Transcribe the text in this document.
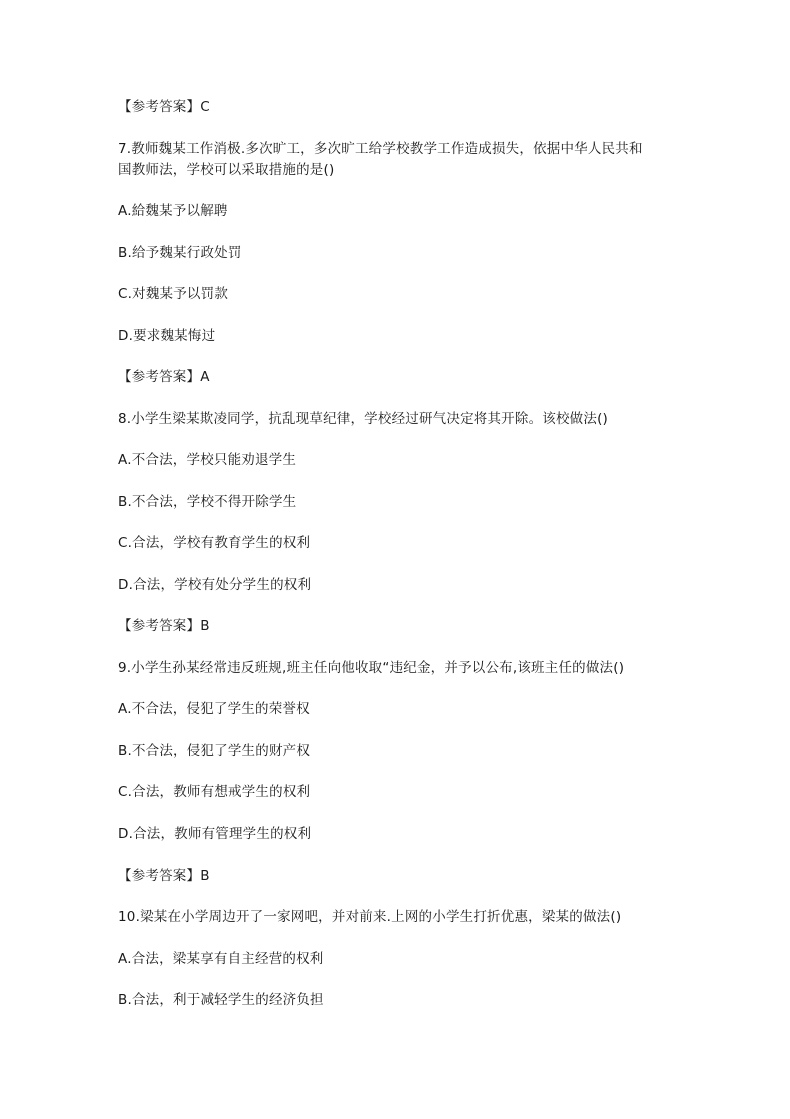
【参考答案】C
7.教师魏某工作消极.多次旷工，多次旷工给学校教学工作造成损失，依据中华人民共和
国教师法，学校可以采取措施的是()
A.給魏某予以解聘
B.给予魏某行政处罚
C.对魏某予以罚款
D.要求魏某悔过
【参考答案】A
8.小学生梁某欺凌同学，抗乱现草纪律，学校经过研气决定将其开除。该校做法()
A.不合法，学校只能劝退学生
B.不合法，学校不得开除学生
C.合法，学校有教育学生的权利
D.合法，学校有处分学生的权利
【参考答案】B
9.小学生孙某经常违反班规,班主任向他收取“违纪金，并予以公布,该班主任的做法()
A.不合法，侵犯了学生的荣誉权
B.不合法，侵犯了学生的财产权
C.合法，教师有想戒学生的权利
D.合法，教师有管理学生的权利
【参考答案】B
10.梁某在小学周边开了一家网吧，并对前来.上网的小学生打折优惠，梁某的做法()
A.合法，梁某享有自主经营的权利
B.合法，利于减轻学生的经济负担
